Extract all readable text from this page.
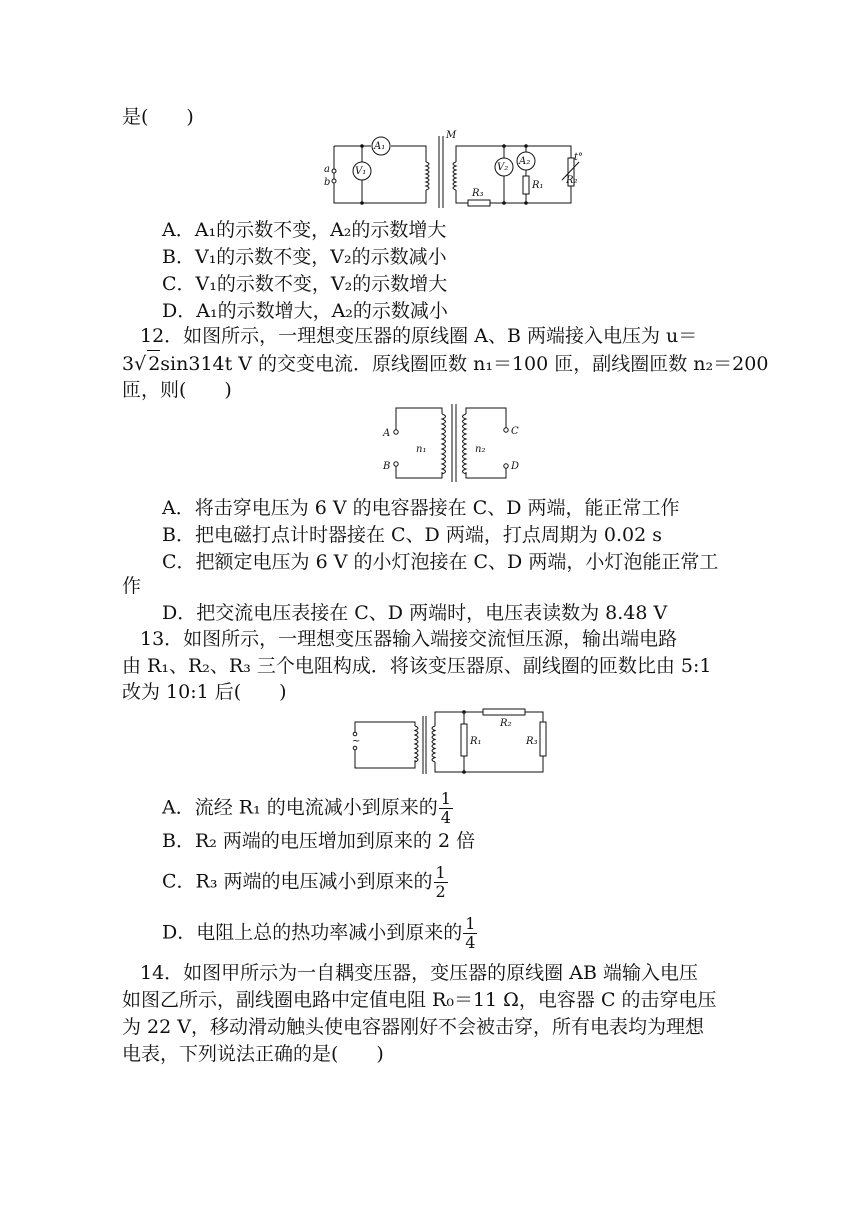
是(　　)
a
b
A₁
V₁
M
V₂
A₂	t°
R₃
R₁ R₂
A．A₁的示数不变，A₂的示数增大
B．V₁的示数不变，V₂的示数减小
C．V₁的示数不变，V₂的示数增大
D．A₁的示数增大，A₂的示数减小
12．如图所示，一理想变压器的原线圈 A、B 两端接入电压为 u＝
3√ 2sin314t V 的交变电流．原线圈匝数 n₁＝100 匝，副线圈匝数 n₂＝200
匝，则(　　)
A
B
C
D
n₁	n₂
A．将击穿电压为 6 V 的电容器接在 C、D 两端，能正常工作
B．把电磁打点计时器接在 C、D 两端，打点周期为 0.02 s
C．把额定电压为 6 V 的小灯泡接在 C、D 两端，小灯泡能正常工
作
D．把交流电压表接在 C、D 两端时，电压表读数为 8.48 V
13．如图所示，一理想变压器输入端接交流恒压源，输出端电路
由 R₁、R₂、R₃ 三个电阻构成．将该变压器原、副线圈的匝数比由 5:1
改为 10:1 后(　　)
~	R₁
R₂
R₃
A．流经 R₁ 的电流减小到原来的 $\frac{1}{4}$
B．R₂ 两端的电压增加到原来的 2 倍
C．R₃ 两端的电压减小到原来的 $\frac{1}{2}$
D．电阻上总的热功率减小到原来的 $\frac{1}{4}$
14．如图甲所示为一自耦变压器，变压器的原线圈 AB 端输入电压
如图乙所示，副线圈电路中定值电阻 R₀＝11 Ω，电容器 C 的击穿电压
为 22 V，移动滑动触头使电容器刚好不会被击穿，所有电表均为理想
电表，下列说法正确的是(　　)
